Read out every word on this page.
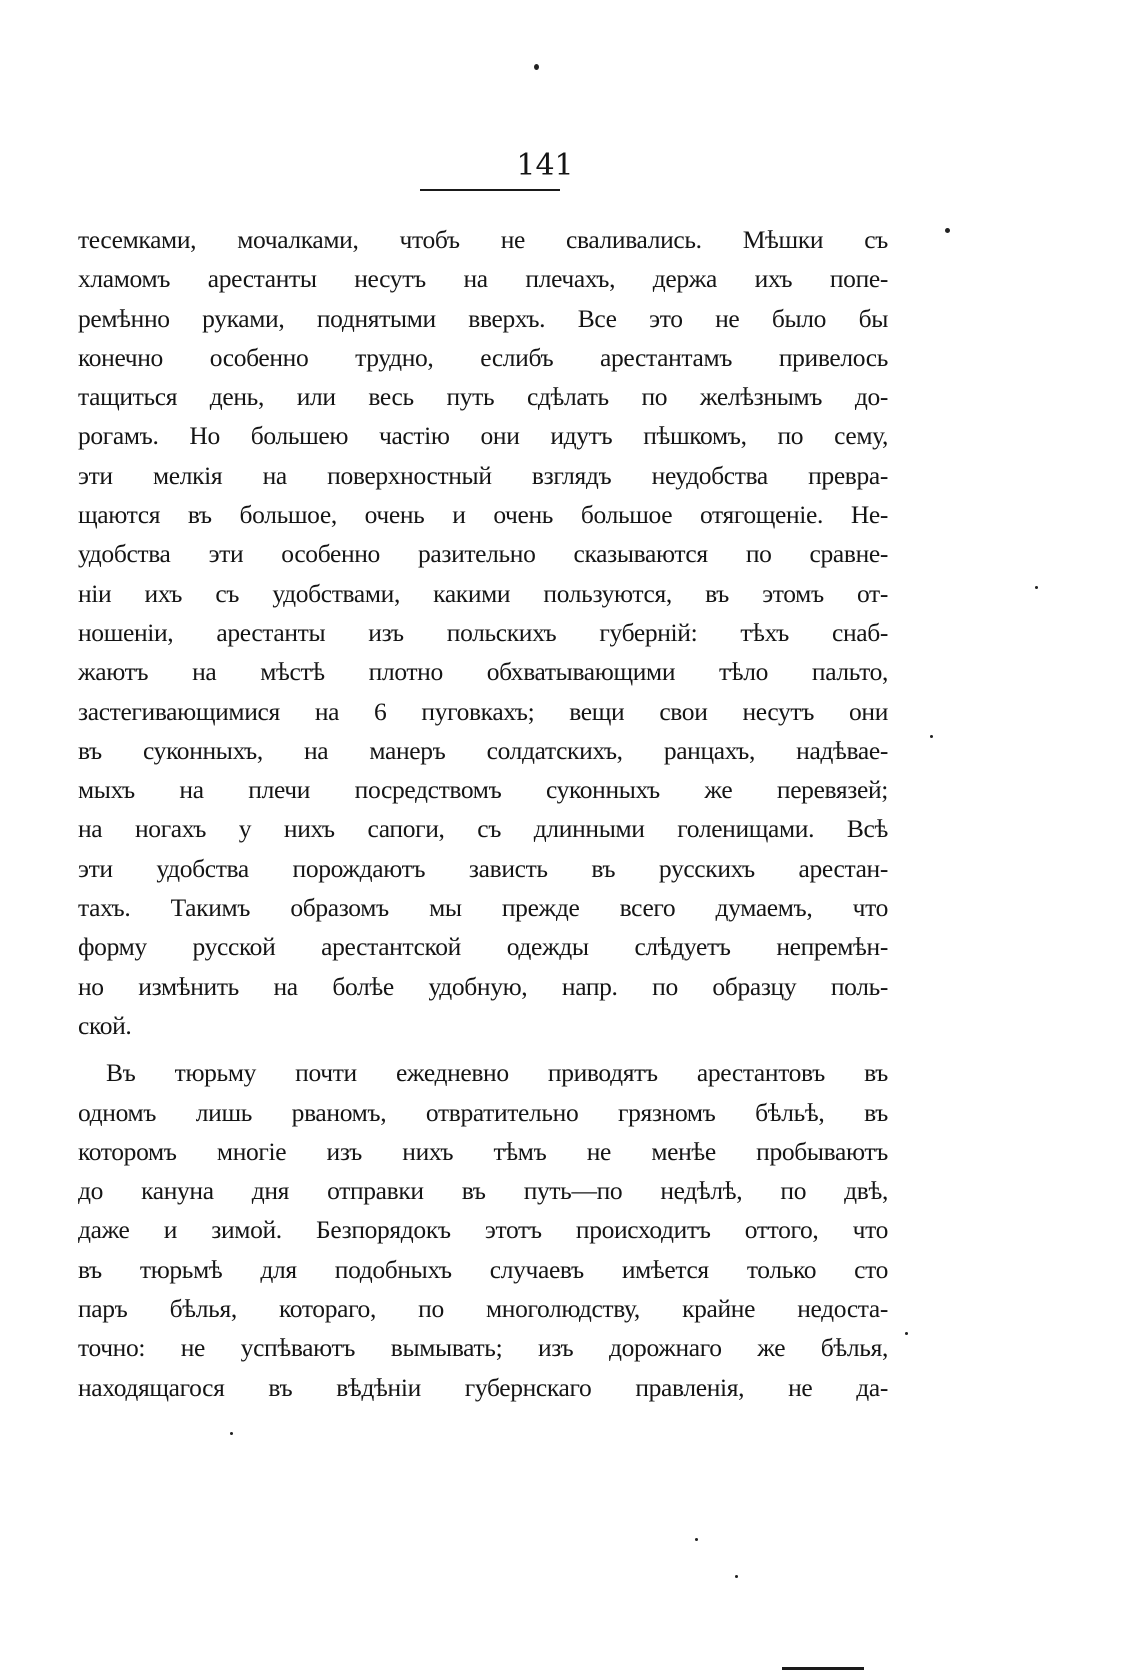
141
тесемками, мочалками, чтобъ не сваливались. Мѣшки съ
хламомъ арестанты несутъ на плечахъ, держа ихъ попе-
ремѣнно руками, поднятыми вверхъ. Все это не было бы
конечно особенно трудно, еслибъ арестантамъ привелось
тащиться день, или весь путь сдѣлать по желѣзнымъ до-
рогамъ. Но большею частію они идутъ пѣшкомъ, по сему,
эти мелкія на поверхностный взглядъ неудобства превра-
щаются въ большое, очень и очень большое отягощеніе. Не-
удобства эти особенно разительно сказываются по сравне-
ніи ихъ съ удобствами, какими пользуются, въ этомъ от-
ношеніи, арестанты изъ польскихъ губерній: тѣхъ снаб-
жаютъ на мѣстѣ плотно обхватывающими тѣло пальто,
застегивающимися на 6 пуговкахъ; вещи свои несутъ они
въ суконныхъ, на манеръ солдатскихъ, ранцахъ, надѣвае-
мыхъ на плечи посредствомъ суконныхъ же перевязей;
на ногахъ у нихъ сапоги, съ длинными голенищами. Всѣ
эти удобства порождаютъ зависть въ русскихъ арестан-
тахъ. Такимъ образомъ мы прежде всего думаемъ, что
форму русской арестантской одежды слѣдуетъ непремѣн-
но измѣнить на болѣе удобную, напр. по образцу поль-
ской.
Въ тюрьму почти ежедневно приводятъ арестантовъ въ
одномъ лишь рваномъ, отвратительно грязномъ бѣльѣ, въ
которомъ многіе изъ нихъ тѣмъ не менѣе пробываютъ
до кануна дня отправки въ путь—по недѣлѣ, по двѣ,
даже и зимой. Безпорядокъ этотъ происходитъ оттого, что
въ тюрьмѣ для подобныхъ случаевъ имѣется только сто
паръ бѣлья, котораго, по многолюдству, крайне недоста-
точно: не успѣваютъ вымывать; изъ дорожнаго же бѣлья,
находящагося въ вѣдѣніи губернскаго правленія, не да-
